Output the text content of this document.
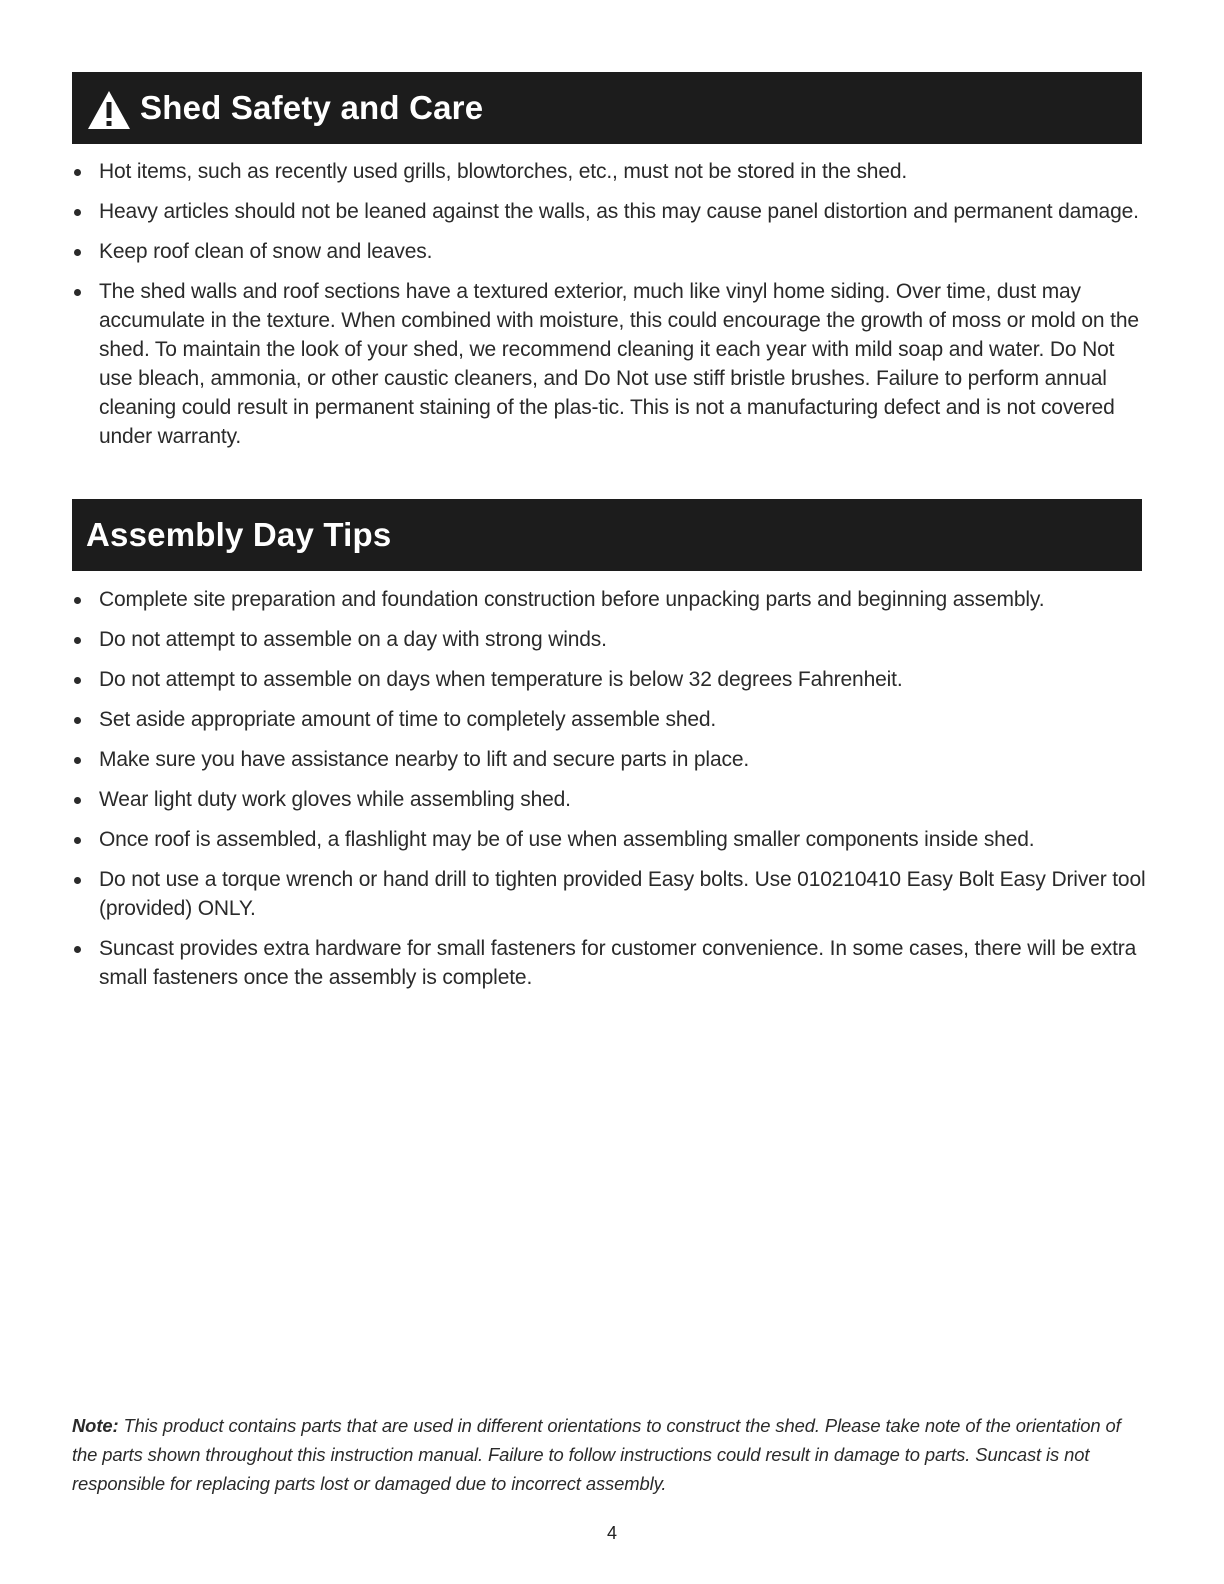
Shed Safety and Care
Hot items, such as recently used grills, blowtorches, etc., must not be stored in the shed.
Heavy articles should not be leaned against the walls, as this may cause panel distortion and permanent damage.
Keep roof clean of snow and leaves.
The shed walls and roof sections have a textured exterior, much like vinyl home siding. Over time, dust may accumulate in the texture. When combined with moisture, this could encourage the growth of moss or mold on the shed. To maintain the look of your shed, we recommend cleaning it each year with mild soap and water. Do Not use bleach, ammonia, or other caustic cleaners, and Do Not use stiff bristle brushes. Failure to perform annual cleaning could result in permanent staining of the plas-tic. This is not a manufacturing defect and is not covered under warranty.
Assembly Day Tips
Complete site preparation and foundation construction before unpacking parts and beginning assembly.
Do not attempt to assemble on a day with strong winds.
Do not attempt to assemble on days when temperature is below 32 degrees Fahrenheit.
Set aside appropriate amount of time to completely assemble shed.
Make sure you have assistance nearby to lift and secure parts in place.
Wear light duty work gloves while assembling shed.
Once roof is assembled, a flashlight may be of use when assembling smaller components inside shed.
Do not use a torque wrench or hand drill to tighten provided Easy bolts. Use 010210410 Easy Bolt Easy Driver tool (provided) ONLY.
Suncast provides extra hardware for small fasteners for customer convenience. In some cases, there will be extra small fasteners once the assembly is complete.

Note: This product contains parts that are used in different orientations to construct the shed. Please take note of the orientation of the parts shown throughout this instruction manual. Failure to follow instructions could result in damage to parts. Suncast is not responsible for replacing parts lost or damaged due to incorrect assembly.

4
